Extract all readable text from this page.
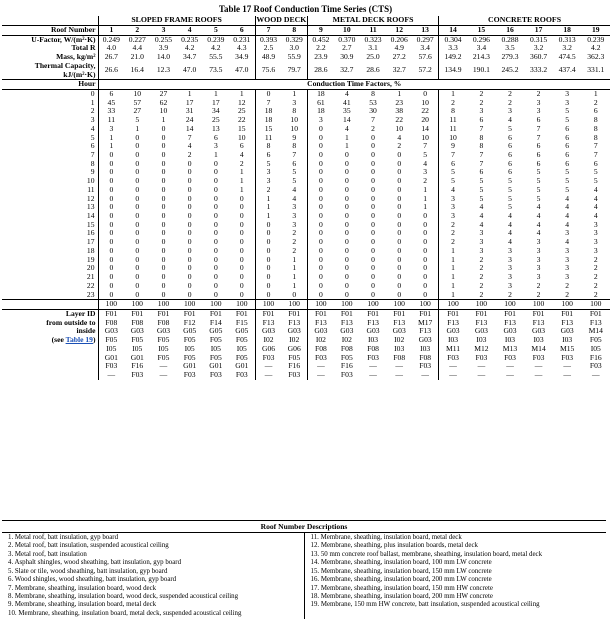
Table 17 Roof Conduction Time Series (CTS)
	SLOPED FRAME ROOFS						WOOD DECK		METAL DECK ROOFS					CONCRETE ROOFS					
Roof Number	1	2	3	4	5	6	7	8	9	10	11	12	13	14	15	16	17	18	19
U-Factor, W/(m²·K)	0.249	0.227	0.255	0.235	0.239	0.231	0.393	0.329	0.452	0.370	0.323	0.206	0.297	0.304	0.296	0.288	0.315	0.313	0.239
Total R	4.0	4.4	3.9	4.2	4.2	4.3	2.5	3.0	2.2	2.7	3.1	4.9	3.4	3.3	3.4	3.5	3.2	3.2	4.2
Mass, kg/m²	26.7	21.0	14.0	34.7	55.5	34.9	48.9	55.9	23.9	30.9	25.0	27.2	57.6	149.2	214.3	279.3	360.7	474.5	362.3
Thermal Capacity,
kJ/(m²·K)	26.6	16.4	12.3	47.0	73.5	47.0	75.6	79.7	28.6	32.7	28.6	32.7	57.2	134.9	190.1	245.2	333.2	437.4	331.1
Hour	Conduction Time Factors, %																		
0	6	10	27	1	1	1	0	1	18	4	8	1	0	1	2	2	2	3	1
1	45	57	62	17	17	12	7	3	61	41	53	23	10	2	2	2	3	3	2
2	33	27	10	31	34	25	18	8	18	35	30	38	22	8	3	3	3	5	6
3	11	5	1	24	25	22	18	10	3	14	7	22	20	11	6	4	6	5	8
4	3	1	0	14	13	15	15	10	0	4	2	10	14	11	7	5	7	6	8
5	1	0	0	7	6	10	11	9	0	1	0	4	10	10	8	6	7	6	8
6	1	0	0	4	3	6	8	8	0	1	0	2	7	9	8	6	6	6	7
7	0	0	0	2	1	4	6	7	0	0	0	0	5	7	7	6	6	6	7
8	0	0	0	0	0	2	5	6	0	0	0	0	4	6	7	6	6	6	6
9	0	0	0	0	0	1	3	5	0	0	0	0	3	5	6	6	5	5	5
10	0	0	0	0	0	1	3	5	0	0	0	0	2	5	5	5	5	5	5
11	0	0	0	0	0	1	2	4	0	0	0	0	1	4	5	5	5	5	4
12	0	0	0	0	0	0	1	4	0	0	0	0	1	3	5	5	5	4	4
13	0	0	0	0	0	0	1	3	0	0	0	0	1	3	4	5	4	4	4
14	0	0	0	0	0	0	1	3	0	0	0	0	0	3	4	4	4	4	4
15	0	0	0	0	0	0	0	3	0	0	0	0	0	2	4	4	4	4	3
16	0	0	0	0	0	0	0	2	0	0	0	0	0	2	3	4	4	3	3
17	0	0	0	0	0	0	0	2	0	0	0	0	0	2	3	4	3	4	3
18	0	0	0	0	0	0	0	2	0	0	0	0	0	1	3	3	3	3	3
19	0	0	0	0	0	0	0	1	0	0	0	0	0	1	2	3	3	3	2
20	0	0	0	0	0	0	0	1	0	0	0	0	0	1	2	3	3	3	2
21	0	0	0	0	0	0	0	1	0	0	0	0	0	1	2	3	3	3	2
22	0	0	0	0	0	0	0	1	0	0	0	0	0	1	2	3	2	2	2
23	0	0	0	0	0	0	0	0	0	0	0	0	0	1	2	2	2	2	2
	100	100	100	100	100	100	100	100	100	100	100	100	100	100	100	100	100	100	100
Layer ID	F01	F01	F01	F01	F01	F01	F01	F01	F01	F01	F01	F01	F01	F01	F01	F01	F01	F01	F01
from outside to	F08	F08	F08	F12	F14	F15	F13	F13	F13	F13	F13	F13	M17	F13	F13	F13	F13	F13	F13
inside	G03	G03	G03	G05	G05	G05	G03	G03	G03	G03	G03	G03	F13	G03	G03	G03	G03	G03	M14
(see Table 19)	F05	F05	F05	F05	F05	F05	I02	I02	I02	I02	I03	I02	G03	I03	I03	I03	I03	I03	F05
	I05	I05	I05	I05	I05	I05	G06	G06	F08	F08	F08	I03	I03	M11	M12	M13	M14	M15	I05
	G01	G01	F05	F05	F05	F05	F03	F05	F03	F05	F03	F08	F08	F03	F03	F03	F03	F03	F16
	F03	F16	—	G01	G01	G01	—	F16	—	F16	—	—	F03	—	—	—	—	—	F03
	—	F03	—	F03	F03	F03	—	F03	—	F03	—	—	—	—	—	—	—	—	—
Roof Number Descriptions
1. Metal roof, batt insulation, gyp board
2. Metal roof, batt insulation, suspended acoustical ceiling
3. Metal roof, batt insulation
4. Asphalt shingles, wood sheathing, batt insulation, gyp board
5. Slate or tile, wood sheathing, batt insulation, gyp board
6. Wood shingles, wood sheathing, batt insulation, gyp board
7. Membrane, sheathing, insulation board, wood deck
8. Membrane, sheathing, insulation board, wood deck, suspended acoustical ceiling
9. Membrane, sheathing, insulation board, metal deck
10. Membrane, sheathing, insulation board, metal deck, suspended acoustical ceiling
11. Membrane, sheathing, insulation board, metal deck
12. Membrane, sheathing, plus insulation boards, metal deck
13. 50 mm concrete roof ballast, membrane, sheathing, insulation board, metal deck
14. Membrane, sheathing, insulation board, 100 mm LW concrete
15. Membrane, sheathing, insulation board, 150 mm LW concrete
16. Membrane, sheathing, insulation board, 200 mm LW concrete
17. Membrane, sheathing, insulation board, 150 mm HW concrete
18. Membrane, sheathing, insulation board, 200 mm HW concrete
19. Membrane, 150 mm HW concrete, batt insulation, suspended acoustical ceiling
